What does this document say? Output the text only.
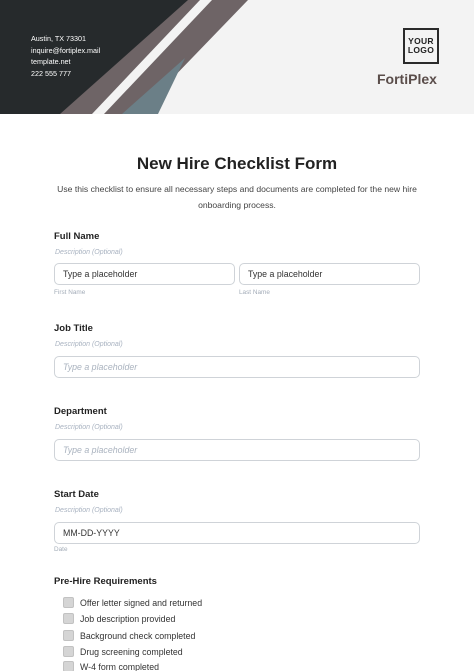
Austin, TX 73301
inquire@fortiplex.mail
template.net
222 555 777
YOUR
LOGO
FortiPlex
New Hire Checklist Form
Use this checklist to ensure all necessary steps and documents are completed for the new hire onboarding process.
Full Name
Description (Optional)
Type a placeholder
First Name
Type a placeholder
Last Name
Job Title
Description (Optional)
Type a placeholder
Department
Description (Optional)
Type a placeholder
Start Date
Description (Optional)
MM-DD-YYYY
Date
Pre-Hire Requirements
Offer letter signed and returned
Job description provided
Background check completed
Drug screening completed
W-4 form completed
